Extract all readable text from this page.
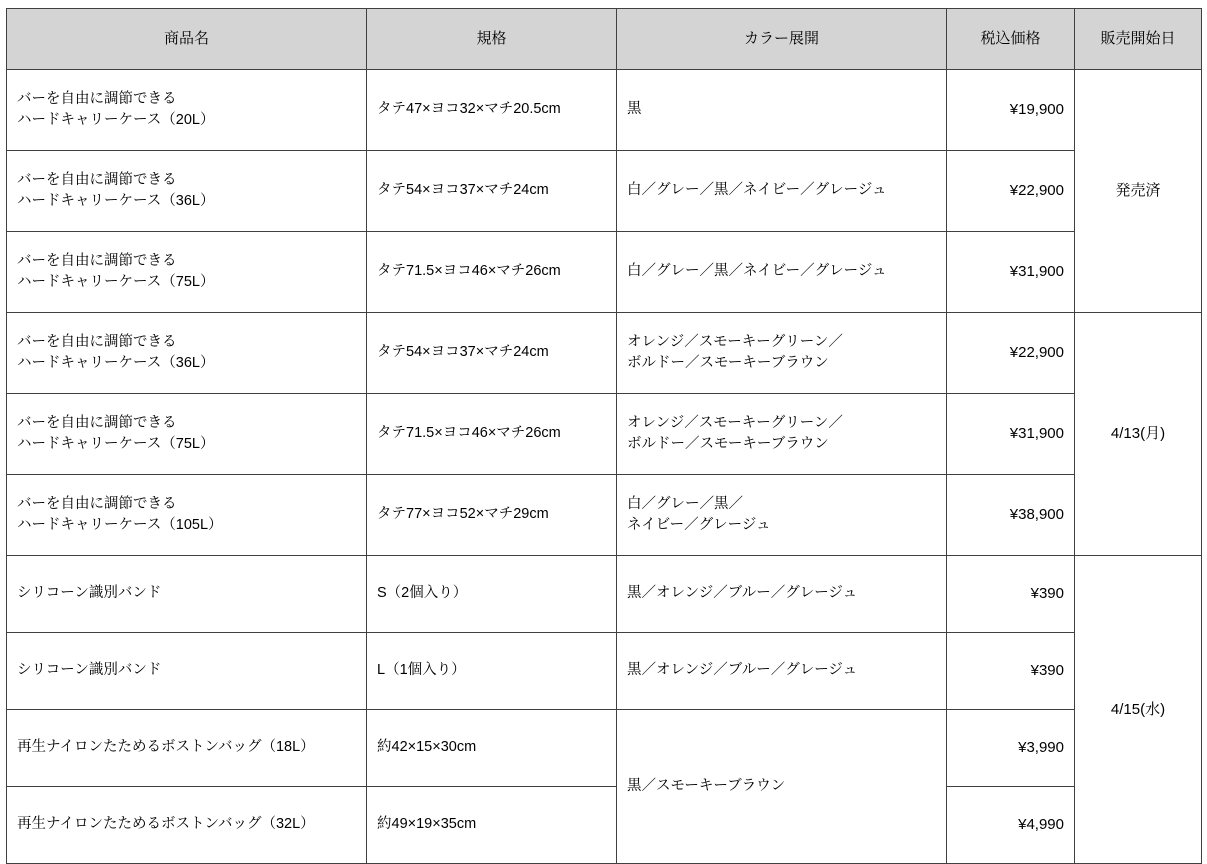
商品名	規格	カラー展開	税込価格	販売開始日

バーを自由に調節できる
ハードキャリーケース（20L）	タテ47×ヨコ32×マチ20.5cm	黒	¥19,900	発売済

バーを自由に調節できる
ハードキャリーケース（36L）	タテ54×ヨコ37×マチ24cm	白／グレー／黒／ネイビー／グレージュ	¥22,900	

バーを自由に調節できる
ハードキャリーケース（75L）	タテ71.5×ヨコ46×マチ26cm	白／グレー／黒／ネイビー／グレージュ	¥31,900	

バーを自由に調節できる
ハードキャリーケース（36L）	タテ54×ヨコ37×マチ24cm	オレンジ／スモーキーグリーン／
ボルドー／スモーキーブラウン	¥22,900	4/13(月)

バーを自由に調節できる
ハードキャリーケース（75L）	タテ71.5×ヨコ46×マチ26cm	オレンジ／スモーキーグリーン／
ボルドー／スモーキーブラウン	¥31,900	

バーを自由に調節できる
ハードキャリーケース（105L）	タテ77×ヨコ52×マチ29cm	白／グレー／黒／
ネイビー／グレージュ	¥38,900	

シリコーン識別バンド	S（2個入り）	黒／オレンジ／ブルー／グレージュ	¥390	4/15(水)

シリコーン識別バンド	L（1個入り）	黒／オレンジ／ブルー／グレージュ	¥390	

再生ナイロンたためるボストンバッグ（18L）	約42×15×30cm	黒／スモーキーブラウン	¥3,990	

再生ナイロンたためるボストンバッグ（32L）	約49×19×35cm		¥4,990	
